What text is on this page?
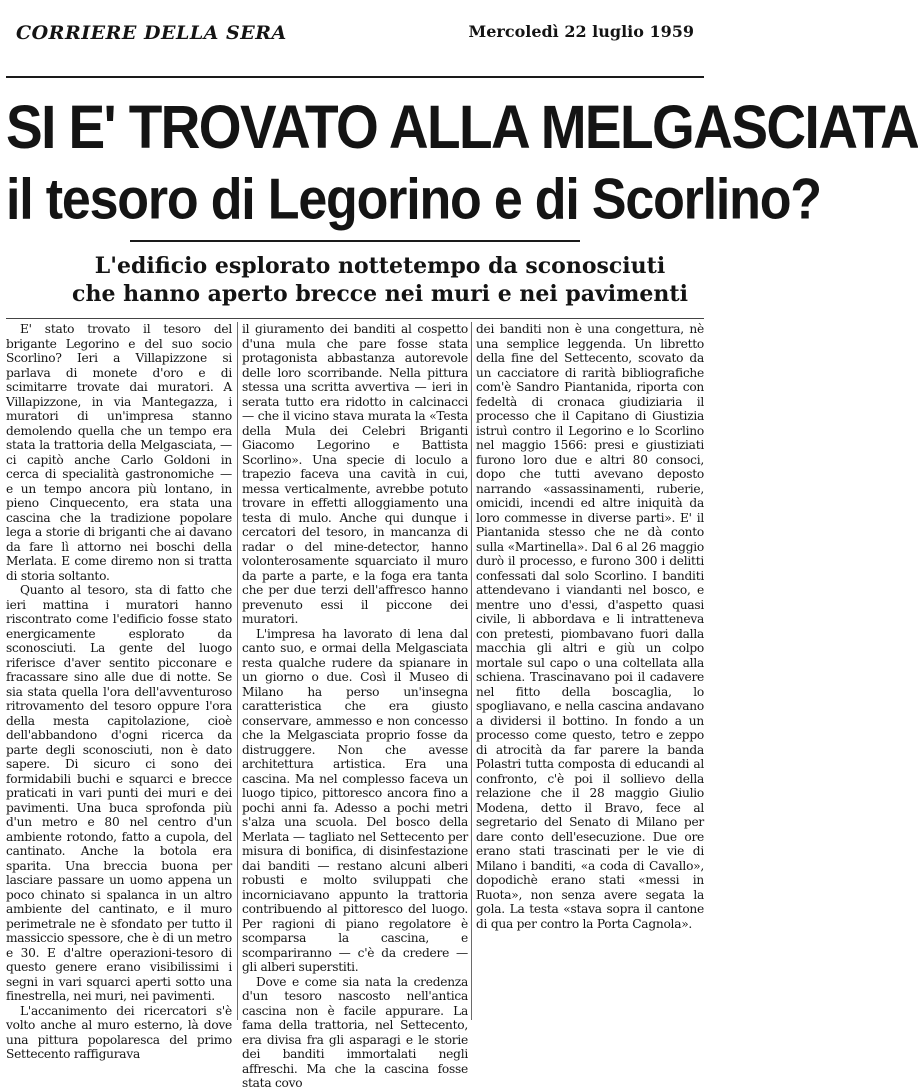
CORRIERE DELLA SERA	Mercoledì 22 luglio 1959
SI E' TROVATO ALLA MELGASCIATA
il tesoro di Legorino e di Scorlino?
L'edificio esplorato nottetempo da sconosciuti
che hanno aperto brecce nei muri e nei pavimenti

E' stato trovato il tesoro del brigante Legorino e del suo socio Scorlino? Ieri a Villapizzone si parlava di monete d'oro e di scimitarre trovate dai muratori. A Villapizzone, in via Mantegazza, i muratori di un'impresa stanno demolendo quella che un tempo era stata la trattoria della Melgasciata, — ci capitò anche Carlo Goldoni in cerca di specialità gastronomiche — e un tempo ancora più lontano, in pieno Cinquecento, era stata una cascina che la tradizione popolare lega a storie di briganti che ai davano da fare lì attorno nei boschi della Merlata. E come diremo non si tratta di storia soltanto.

Quanto al tesoro, sta di fatto che ieri mattina i muratori hanno riscontrato come l'edificio fosse stato energicamente esplorato da sconosciuti. La gente del luogo riferisce d'aver sentito picconare e fracassare sino alle due di notte. Se sia stata quella l'ora dell'avventuroso ritrovamento del tesoro oppure l'ora della mesta capitolazione, cioè dell'abbandono d'ogni ricerca da parte degli sconosciuti, non è dato sapere. Di sicuro ci sono dei formidabili buchi e squarci e brecce praticati in vari punti dei muri e dei pavimenti. Una buca sprofonda più d'un metro e 80 nel centro d'un ambiente rotondo, fatto a cupola, del cantinato. Anche la botola era sparita. Una breccia buona per lasciare passare un uomo appena un poco chinato si spalanca in un altro ambiente del cantinato, e il muro perimetrale ne è sfondato per tutto il massiccio spessore, che è di un metro e 30. E d'altre operazioni-tesoro di questo genere erano visibilissimi i segni in vari squarci aperti sotto una finestrella, nei muri, nei pavimenti.

L'accanimento dei ricercatori s'è volto anche al muro esterno, là dove una pittura popolaresca del primo Settecento raffigurava

il giuramento dei banditi al cospetto d'una mula che pare fosse stata protagonista abbastanza autorevole delle loro scorribande. Nella pittura stessa una scritta avvertiva — ieri in serata tutto era ridotto in calcinacci — che il vicino stava murata la «Testa della Mula dei Celebri Briganti Giacomo Legorino e Battista Scorlino». Una specie di loculo a trapezio faceva una cavità in cui, messa verticalmente, avrebbe potuto trovare in effetti alloggiamento una testa di mulo. Anche qui dunque i cercatori del tesoro, in mancanza di radar o del mine-detector, hanno volonterosamente squarciato il muro da parte a parte, e la foga era tanta che per due terzi dell'affresco hanno prevenuto essi il piccone dei muratori.

L'impresa ha lavorato di lena dal canto suo, e ormai della Melgasciata resta qualche rudere da spianare in un giorno o due. Così il Museo di Milano ha perso un'insegna caratteristica che era giusto conservare, ammesso e non concesso che la Melgasciata proprio fosse da distruggere. Non che avesse architettura artistica. Era una cascina. Ma nel complesso faceva un luogo tipico, pittoresco ancora fino a pochi anni fa. Adesso a pochi metri s'alza una scuola. Del bosco della Merlata — tagliato nel Settecento per misura di bonifica, di disinfestazione dai banditi — restano alcuni alberi robusti e molto sviluppati che incorniciavano appunto la trattoria contribuendo al pittoresco del luogo. Per ragioni di piano regolatore è scomparsa la cascina, e scompariranno — c'è da credere — gli alberi superstiti.

Dove e come sia nata la credenza d'un tesoro nascosto nell'antica cascina non è facile appurare. La fama della trattoria, nel Settecento, era divisa fra gli asparagi e le storie dei banditi immortalati negli affreschi. Ma che la cascina fosse stata covo

dei banditi non è una congettura, nè una semplice leggenda. Un libretto della fine del Settecento, scovato da un cacciatore di rarità bibliografiche com'è Sandro Piantanida, riporta con fedeltà di cronaca giudiziaria il processo che il Capitano di Giustizia istruì contro il Legorino e lo Scorlino nel maggio 1566: presi e giustiziati furono loro due e altri 80 consoci, dopo che tutti avevano deposto narrando «assassinamenti, ruberie, omicidi, incendi ed altre iniquità da loro commesse in diverse parti». E' il Piantanida stesso che ne dà conto sulla «Martinella». Dal 6 al 26 maggio durò il processo, e furono 300 i delitti confessati dal solo Scorlino. I banditi attendevano i viandanti nel bosco, e mentre uno d'essi, d'aspetto quasi civile, li abbordava e li intratteneva con pretesti, piombavano fuori dalla macchia gli altri e giù un colpo mortale sul capo o una coltellata alla schiena. Trascinavano poi il cadavere nel fitto della boscaglia, lo spogliavano, e nella cascina andavano a dividersi il bottino. In fondo a un processo come questo, tetro e zeppo di atrocità da far parere la banda Polastri tutta composta di educandi al confronto, c'è poi il sollievo della relazione che il 28 maggio Giulio Modena, detto il Bravo, fece al segretario del Senato di Milano per dare conto dell'esecuzione. Due ore erano stati trascinati per le vie di Milano i banditi, «a coda di Cavallo», dopodichè erano stati «messi in Ruota», non senza avere segata la gola. La testa «stava sopra il cantone di qua per contro la Porta Cagnola».
